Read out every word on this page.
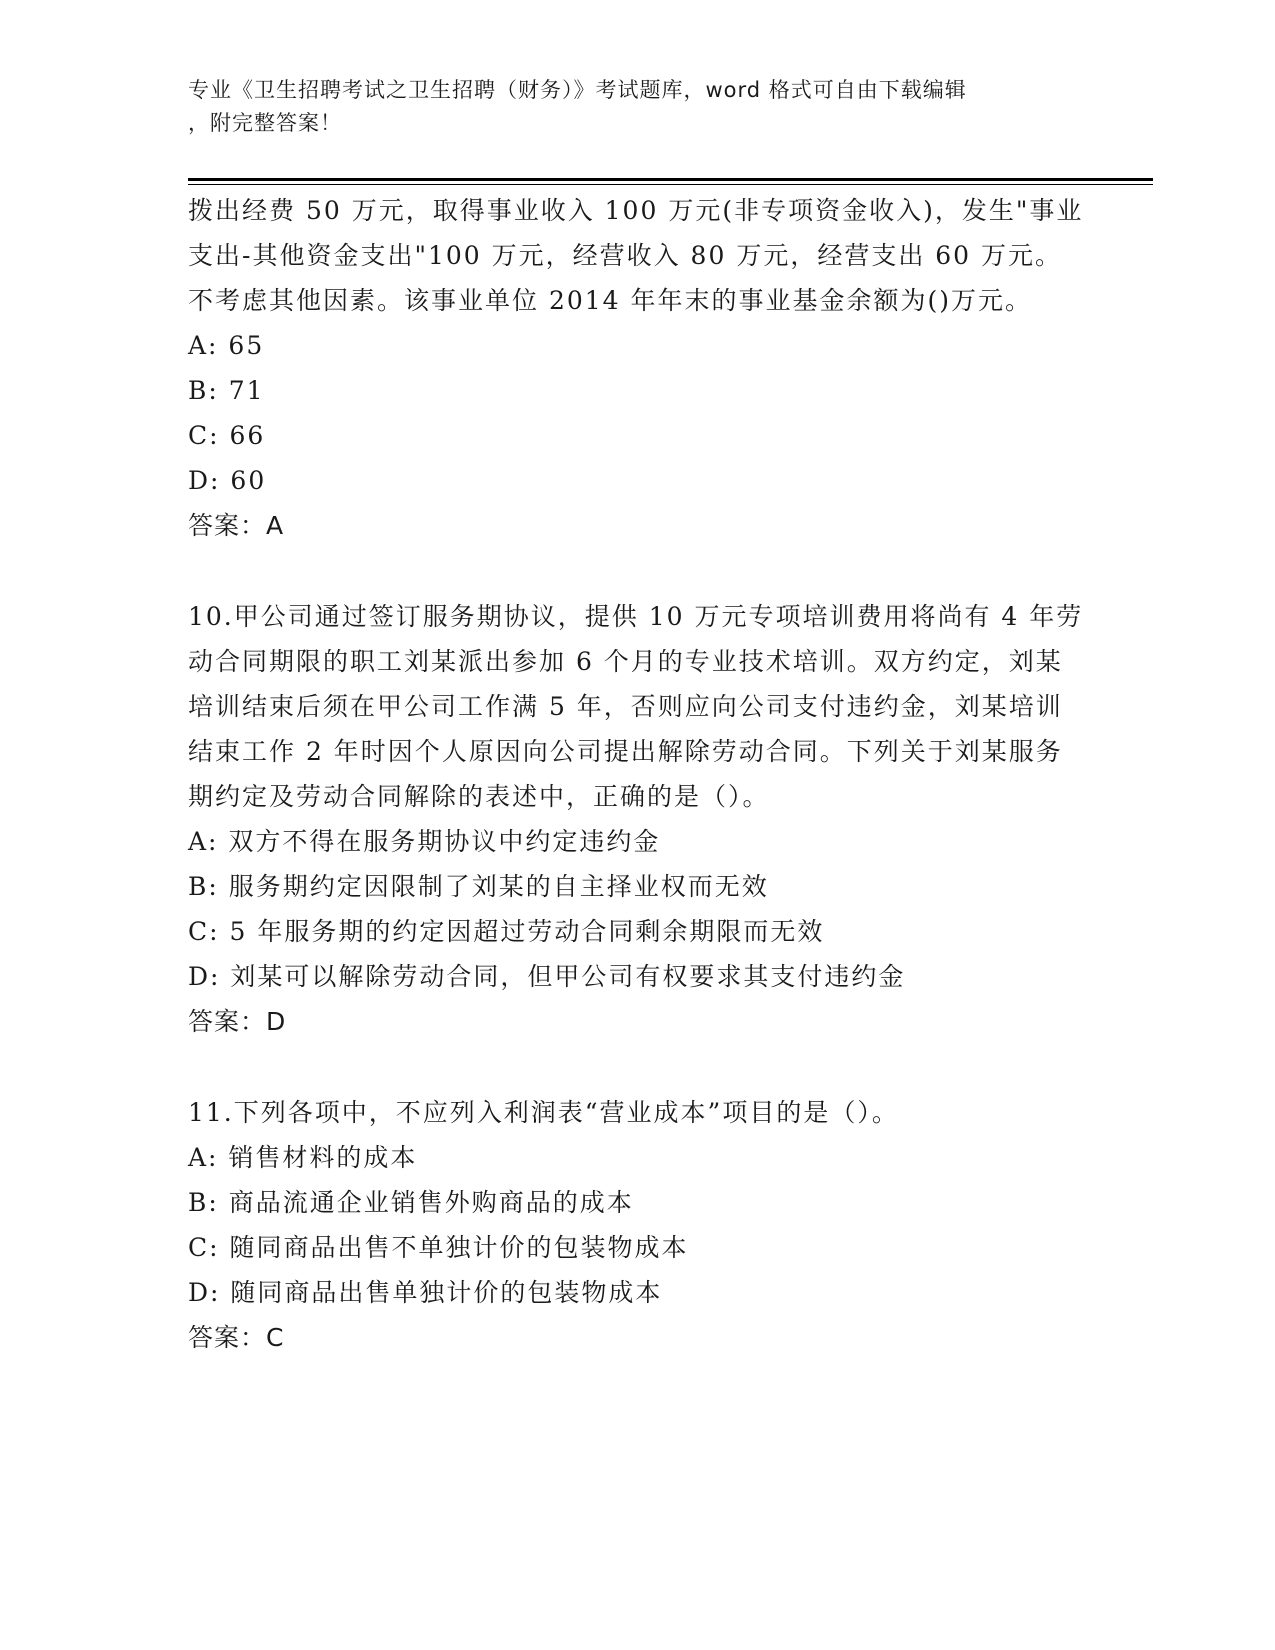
专业《卫生招聘考试之卫生招聘（财务）》考试题库，word 格式可自由下载编辑
，附完整答案！

拨出经费 50 万元，取得事业收入 100 万元(非专项资金收入)，发生"事业支出-其他资金支出"100 万元，经营收入 80 万元，经营支出 60 万元。不考虑其他因素。该事业单位 2014 年年末的事业基金余额为()万元。

A: 65

B: 71

C: 66

D: 60

答案：A

10.甲公司通过签订服务期协议，提供 10 万元专项培训费用将尚有 4 年劳动合同期限的职工刘某派出参加 6 个月的专业技术培训。双方约定，刘某培训结束后须在甲公司工作满 5 年，否则应向公司支付违约金，刘某培训结束工作 2 年时因个人原因向公司提出解除劳动合同。下列关于刘某服务期约定及劳动合同解除的表述中，正确的是（）。

A: 双方不得在服务期协议中约定违约金

B: 服务期约定因限制了刘某的自主择业权而无效

C: 5 年服务期的约定因超过劳动合同剩余期限而无效

D: 刘某可以解除劳动合同，但甲公司有权要求其支付违约金

答案：D

11.下列各项中，不应列入利润表“营业成本”项目的是（）。

A: 销售材料的成本

B: 商品流通企业销售外购商品的成本

C: 随同商品出售不单独计价的包装物成本

D: 随同商品出售单独计价的包装物成本

答案：C
